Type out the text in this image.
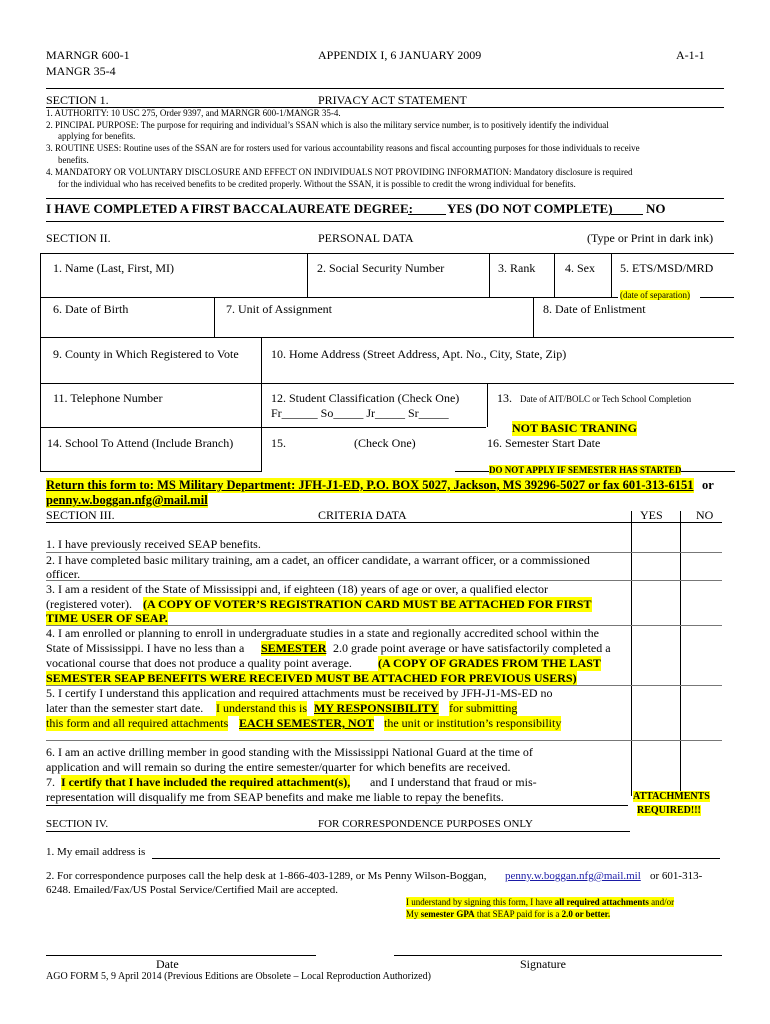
MARNGR 600-1
MANGR 35-4
APPENDIX I, 6 JANUARY 2009	A-1-1
SECTION 1.	PRIVACY ACT STATEMENT
1. AUTHORITY: 10 USC 275, Order 9397, and MARNGR 600-1/MANGR 35-4.
2. PINCIPAL PURPOSE: The purpose for requiring and individual’s SSAN which is also the military service number, is to positively identify the individual
applying for benefits.
3. ROUTINE USES: Routine uses of the SSAN are for rosters used for various accountability reasons and fiscal accounting purposes for those individuals to receive
benefits.
4. MANDATORY OR VOLUNTARY DISCLOSURE AND EFFECT ON INDIVIDUALS NOT PROVIDING INFORMATION: Mandatory disclosure is required
for the individual who has received benefits to be credited properly. Without the SSAN, it is possible to credit the wrong individual for benefits.
I HAVE COMPLETED A FIRST BACCALAUREATE DEGREE:	YES (DO NOT COMPLETE)	NO
SECTION II.	PERSONAL DATA	(Type or Print in dark ink)
1. Name (Last, First, MI)	2. Social Security Number	3. Rank 4. Sex 5. ETS/MSD/MRD
(date of separation)
6. Date of Birth	7. Unit of Assignment	8. Date of Enlistment
9. County in Which Registered to Vote	10. Home Address (Street Address, Apt. No., City, State, Zip)
11. Telephone Number	12. Student Classification (Check One)
Fr______ So_____ Jr_____ Sr_____
13. Date of AIT/BOLC or Tech School Completion
NOT BASIC TRANING
14. School To Attend (Include Branch)	15.	(Check One)	16. Semester Start Date
DO NOT APPLY IF SEMESTER HAS STARTED
Return this form to: MS Military Department: JFH-J1-ED, P.O. BOX 5027, Jackson, MS 39296-5027 or fax 601-313-6151 or
penny.w.boggan.nfg@mail.mil
SECTION III.	CRITERIA DATA	YES	NO
1. I have previously received SEAP benefits.
2. I have completed basic military training, am a cadet, an officer candidate, a warrant officer, or a commissioned
officer.
3. I am a resident of the State of Mississippi and, if eighteen (18) years of age or over, a qualified elector
(registered voter). (A COPY OF VOTER’S REGISTRATION CARD MUST BE ATTACHED FOR FIRST
TIME USER OF SEAP.
4. I am enrolled or planning to enroll in undergraduate studies in a state and regionally accredited school within the
State of Mississippi. I have no less than a SEMESTER 2.0 grade point average or have satisfactorily completed a
vocational course that does not produce a quality point average. (A COPY OF GRADES FROM THE LAST
SEMESTER SEAP BENEFITS WERE RECEIVED MUST BE ATTACHED FOR PREVIOUS USERS)
5. I certify I understand this application and required attachments must be received by JFH-J1-MS-ED no
later than the semester start date. I understand this is MY RESPONSIBILITY for submitting
this form and all required attachments EACH SEMESTER, NOT the unit or institution’s responsibility
6. I am an active drilling member in good standing with the Mississippi National Guard at the time of
application and will remain so during the entire semester/quarter for which benefits are received.
7. I certify that I have included the required attachment(s), and I understand that fraud or mis-
representation will disqualify me from SEAP benefits and make me liable to repay the benefits.	ATTACHMENTS
REQUIRED!!!
SECTION IV.	FOR CORRESPONDENCE PURPOSES ONLY
1. My email address is
2. For correspondence purposes call the help desk at 1-866-403-1289, or Ms Penny Wilson-Boggan, penny.w.boggan.nfg@mail.mil or 601-313-
6248. Emailed/Fax/US Postal Service/Certified Mail are accepted.
I understand by signing this form, I have all required attachments and/or
My semester GPA that SEAP paid for is a 2.0 or better.
Date	Signature
AGO FORM 5, 9 April 2014 (Previous Editions are Obsolete – Local Reproduction Authorized)
